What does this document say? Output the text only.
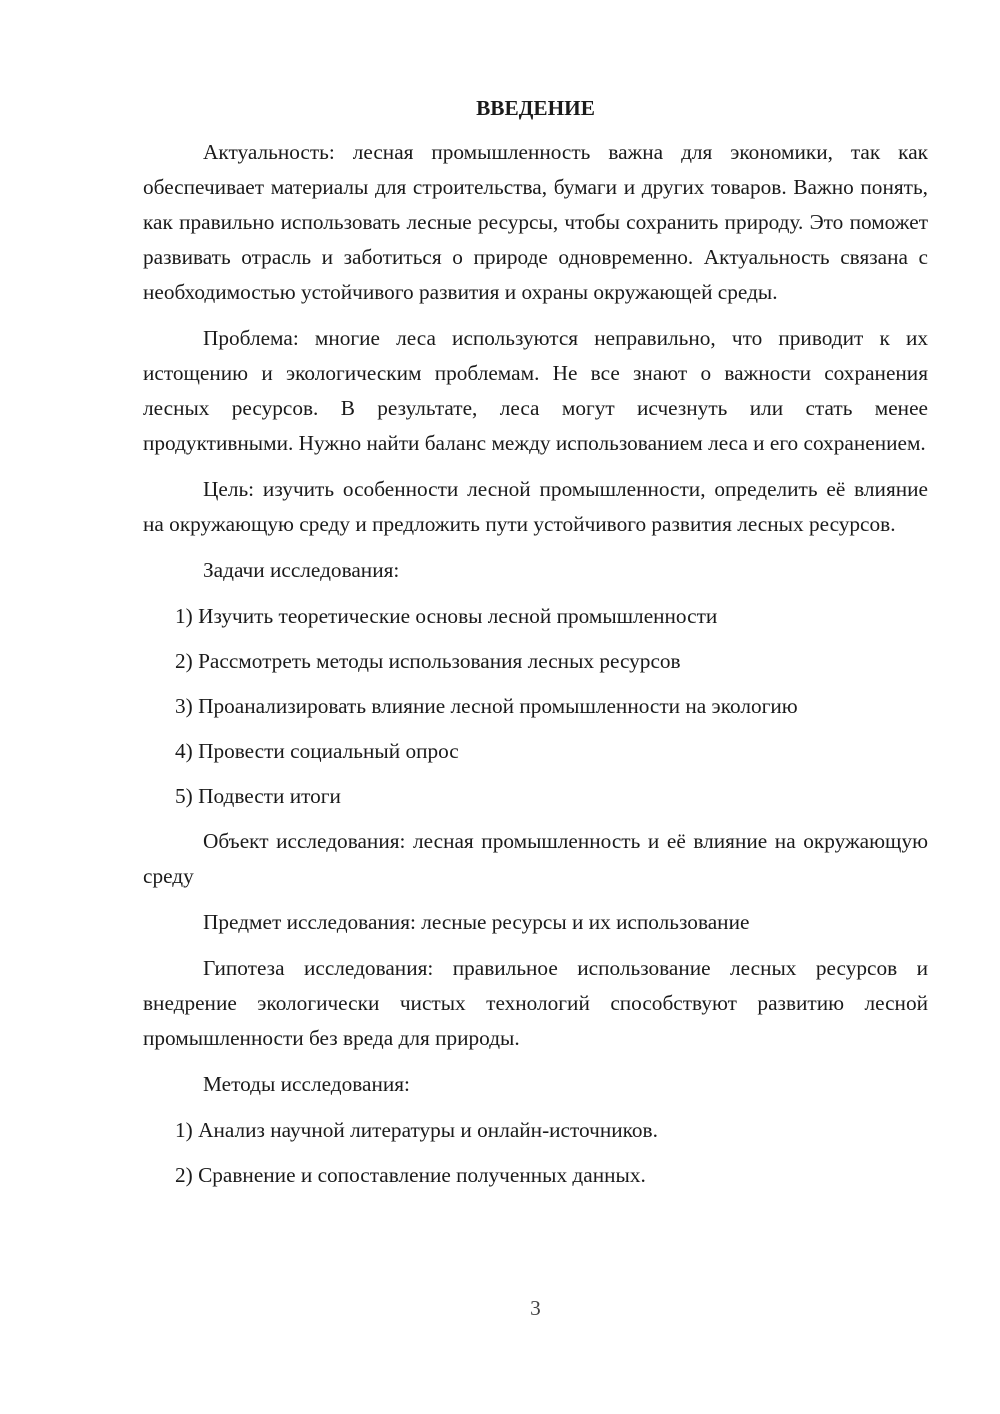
ВВЕДЕНИЕ

Актуальность: лесная промышленность важна для экономики, так как обеспечивает материалы для строительства, бумаги и других товаров. Важно понять, как правильно использовать лесные ресурсы, чтобы сохранить природу. Это поможет развивать отрасль и заботиться о природе одновременно. Актуальность связана с необходимостью устойчивого развития и охраны окружающей среды.

Проблема: многие леса используются неправильно, что приводит к их истощению и экологическим проблемам. Не все знают о важности сохранения лесных ресурсов. В результате, леса могут исчезнуть или стать менее продуктивными. Нужно найти баланс между использованием леса и его сохранением.

Цель: изучить особенности лесной промышленности, определить её влияние на окружающую среду и предложить пути устойчивого развития лесных ресурсов.

Задачи исследования:

1) Изучить теоретические основы лесной промышленности

2) Рассмотреть методы использования лесных ресурсов

3) Проанализировать влияние лесной промышленности на экологию

4) Провести социальный опрос

5) Подвести итоги

Объект исследования: лесная промышленность и её влияние на окружающую среду

Предмет исследования: лесные ресурсы и их использование

Гипотеза исследования: правильное использование лесных ресурсов и внедрение экологически чистых технологий способствуют развитию лесной промышленности без вреда для природы.

Методы исследования:

1) Анализ научной литературы и онлайн-источников.

2) Сравнение и сопоставление полученных данных.

3
